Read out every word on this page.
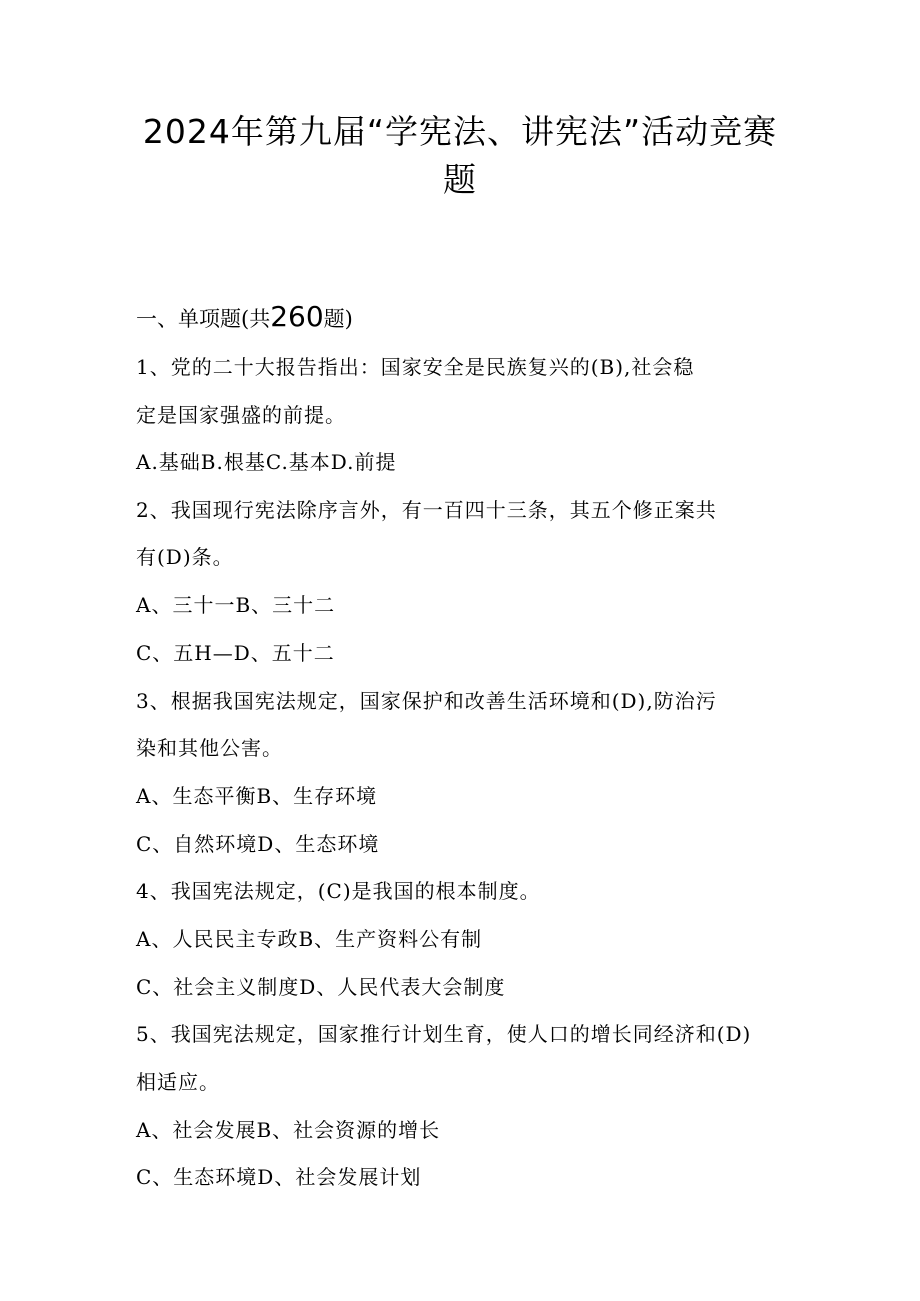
2024年第九届“学宪法、讲宪法”活动竞赛
题
一、单项题(共260题)
1、党的二十大报告指出：国家安全是民族复兴的(B),社会稳
定是国家强盛的前提。
A.基础B.根基C.基本D.前提
2、我国现行宪法除序言外，有一百四十三条，其五个修正案共
有(D)条。
A、三十一B、三十二
C、五H—D、五十二
3、根据我国宪法规定，国家保护和改善生活环境和(D),防治污
染和其他公害。
A、生态平衡B、生存环境
C、自然环境D、生态环境
4、我国宪法规定，(C)是我国的根本制度。
A、人民民主专政B、生产资料公有制
C、社会主义制度D、人民代表大会制度
5、我国宪法规定，国家推行计划生育，使人口的增长同经济和(D)
相适应。
A、社会发展B、社会资源的增长
C、生态环境D、社会发展计划
